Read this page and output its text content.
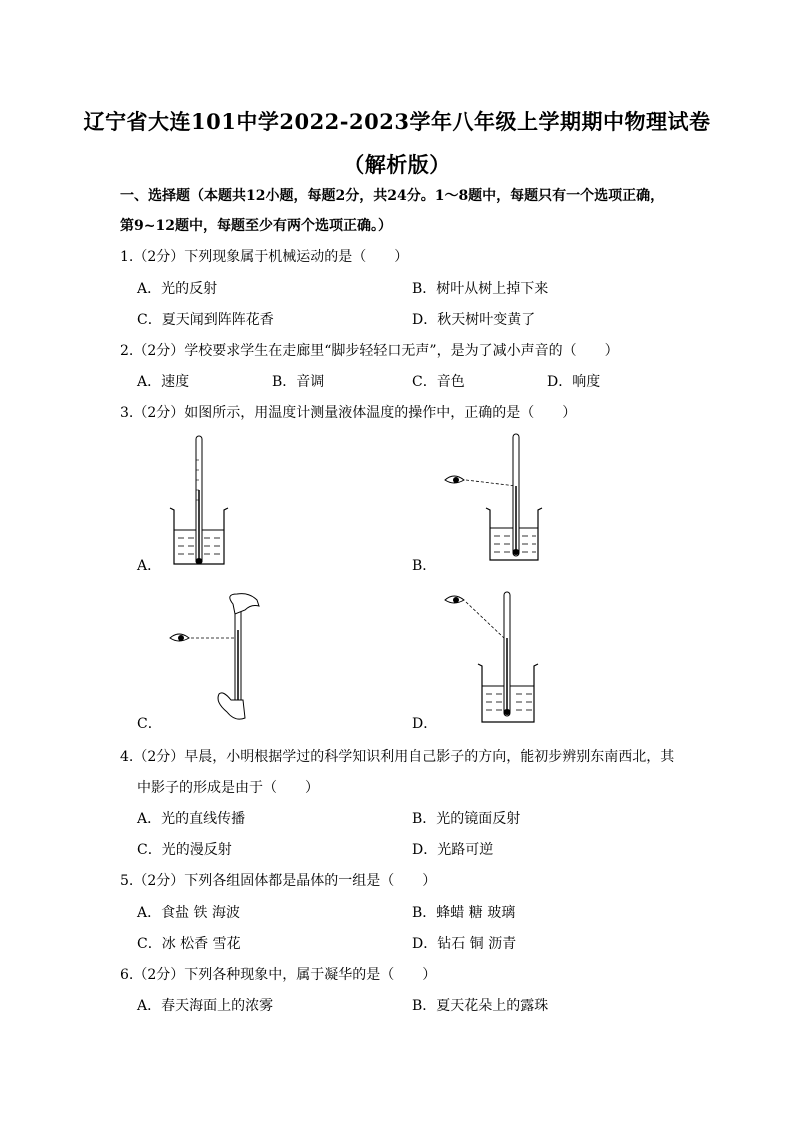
辽宁省大连101中学2022-2023学年八年级上学期期中物理试卷
（解析版）
一、选择题（本题共12小题，每题2分，共24分。1～8题中，每题只有一个选项正确，
第9~12题中，每题至少有两个选项正确。）
1.（2分）下列现象属于机械运动的是（　　）
A．光的反射	B．树叶从树上掉下来
C．夏天闻到阵阵花香	D．秋天树叶变黄了
2.（2分）学校要求学生在走廊里“脚步轻轻口无声”，是为了减小声音的（　　）
A．速度	B．音调	C．音色	D．响度
3.（2分）如图所示，用温度计测量液体温度的操作中，正确的是（　　）
A．	B．
C．	D．
4.（2分）早晨，小明根据学过的科学知识利用自己影子的方向，能初步辨别东南西北，其
中影子的形成是由于（　　）
A．光的直线传播	B．光的镜面反射
C．光的漫反射	D．光路可逆
5.（2分）下列各组固体都是晶体的一组是（　　）
A．食盐 铁 海波	B．蜂蜡 糖 玻璃
C．冰 松香 雪花	D．钻石 铜 沥青
6.（2分）下列各种现象中，属于凝华的是（　　）
A．春天海面上的浓雾	B．夏天花朵上的露珠
